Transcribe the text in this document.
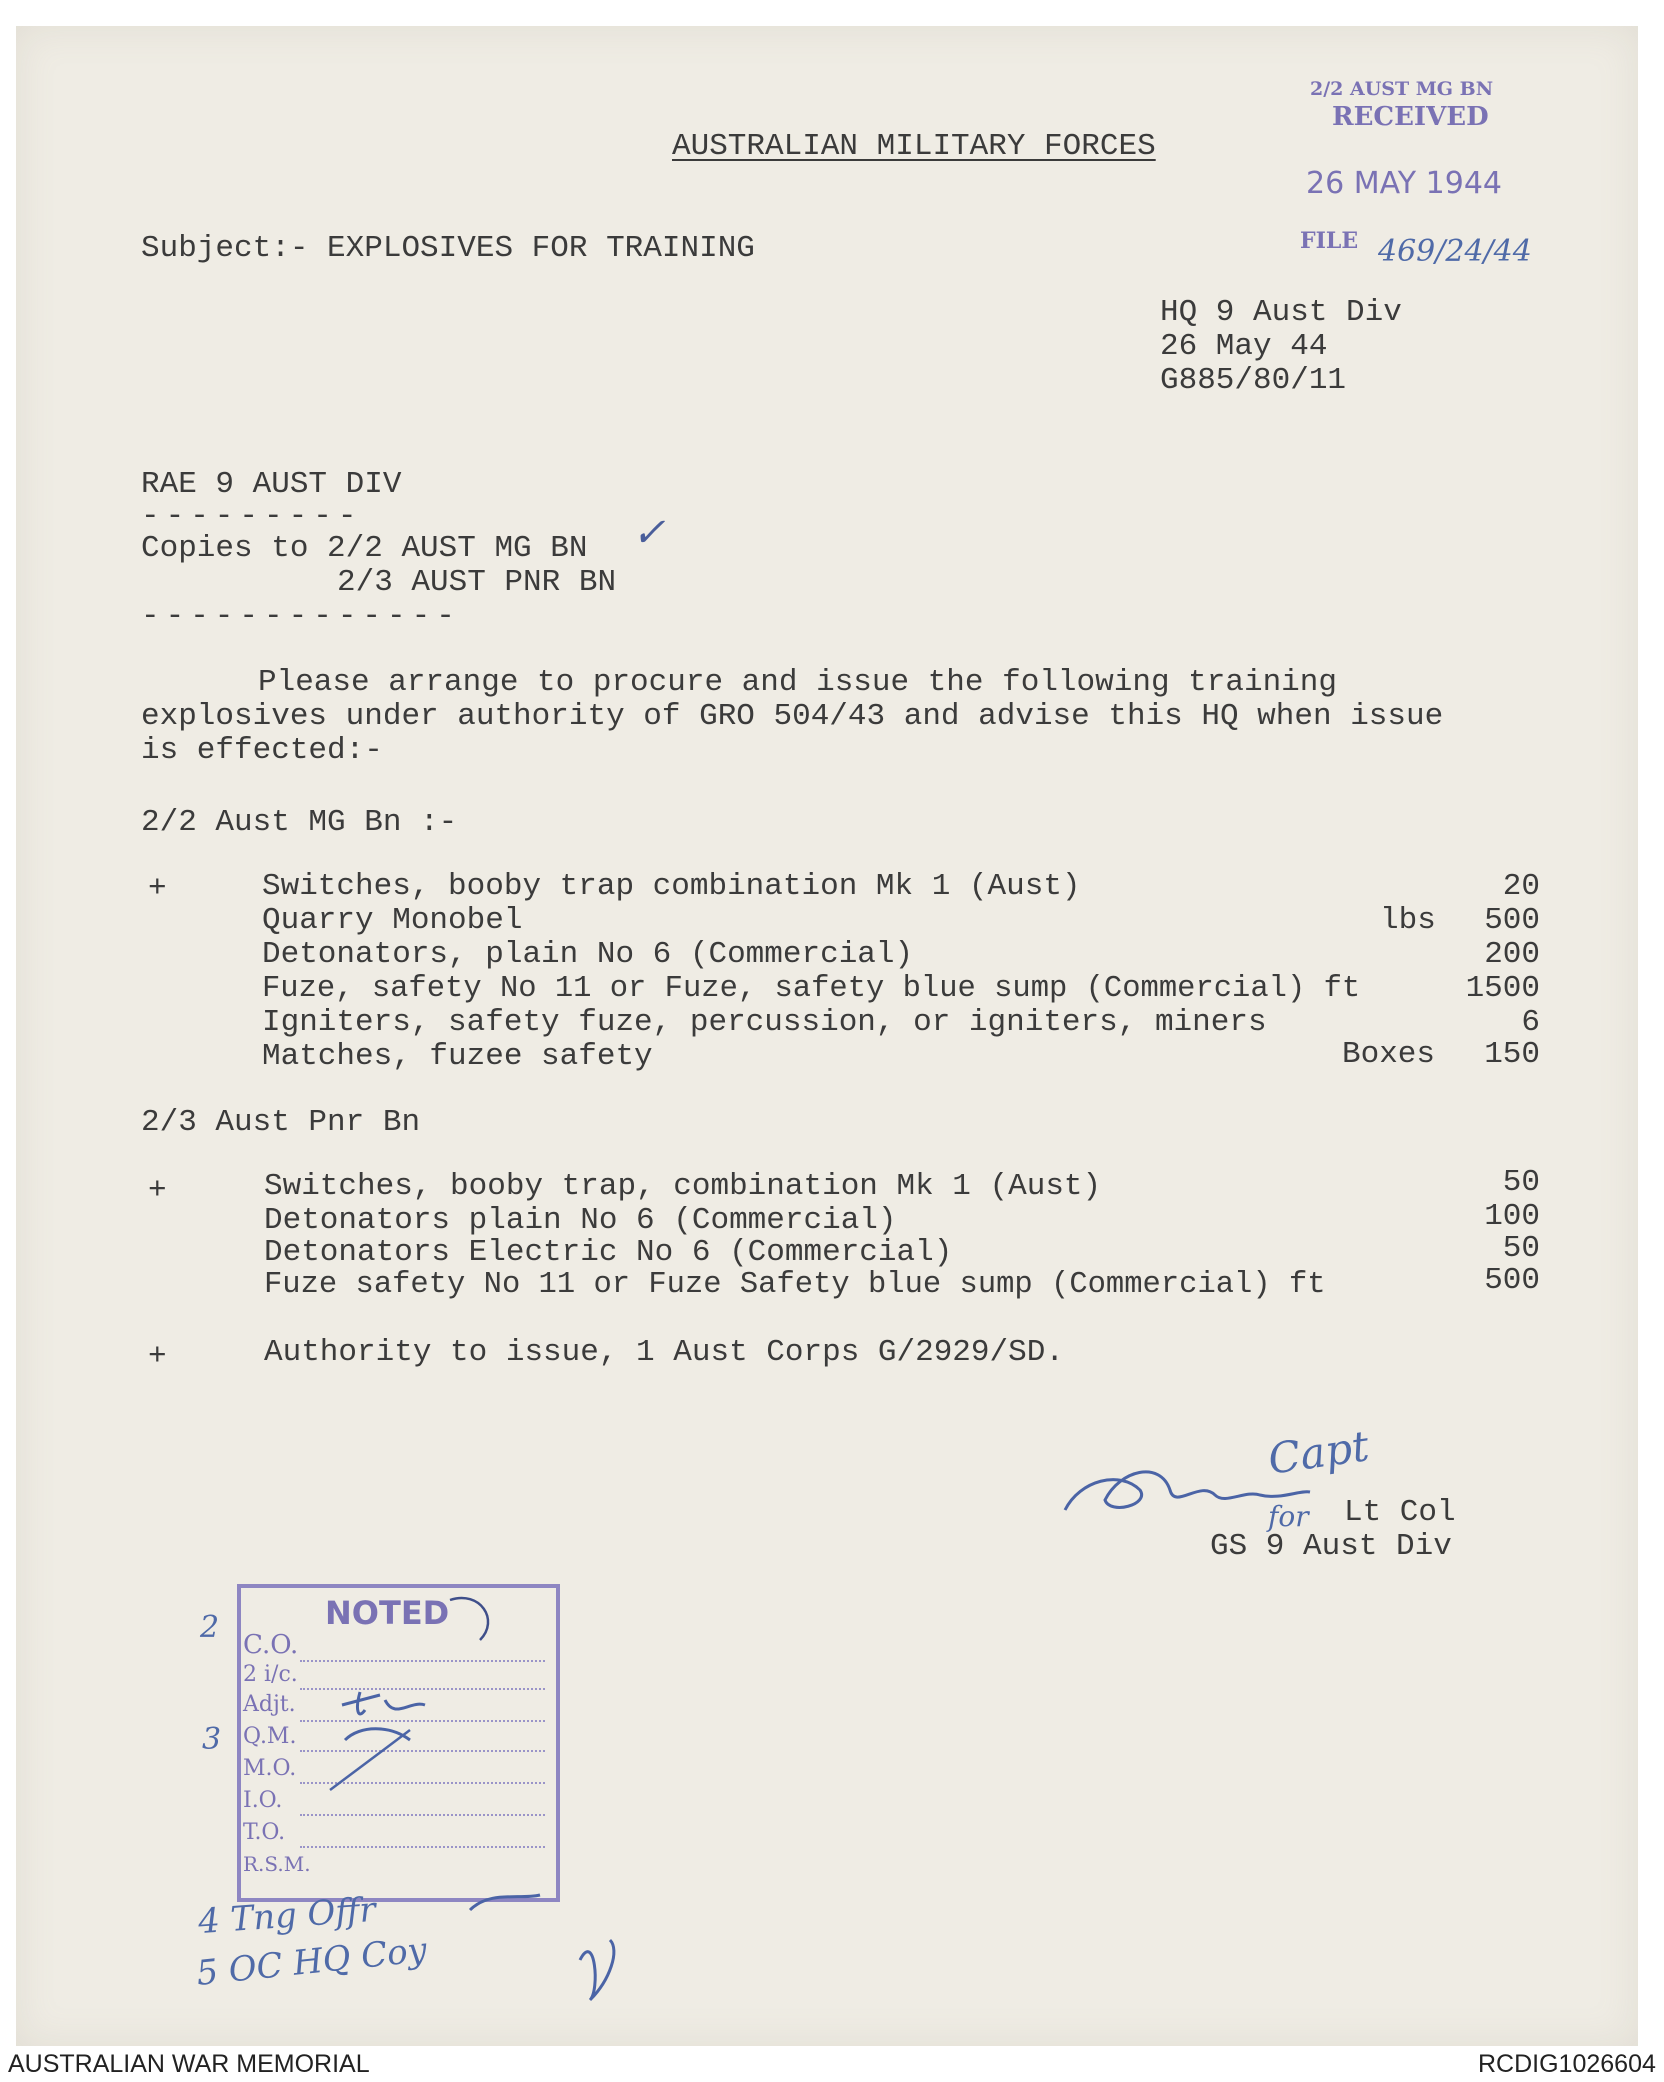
AUSTRALIAN MILITARY FORCES
2/2 AUST MG BN
RECEIVED
26 MAY 1944
FILE 469/24/44
Subject:- EXPLOSIVES FOR TRAINING
HQ 9 Aust Div
26 May 44
G885/80/11
RAE 9 AUST DIV
---------
Copies to 2/2 AUST MG BN ✓
2/3 AUST PNR BN
-------------
Please arrange to procure and issue the following training
explosives under authority of GRO 504/43 and advise this HQ when issue
is effected:-
2/2 Aust MG Bn :-
+	Switches, booby trap combination Mk 1 (Aust)	20
Quarry Monobel	lbs	500
Detonators, plain No 6 (Commercial)	200
Fuze, safety No 11 or Fuze, safety blue sump (Commercial) ft	1500
Igniters, safety fuze, percussion, or igniters, miners	6
Matches, fuzee safety	Boxes	150
2/3 Aust Pnr Bn
+	Switches, booby trap, combination Mk 1 (Aust)	50
Detonators plain No 6 (Commercial)	100
Detonators Electric No 6 (Commercial)	50
Fuze safety No 11 or Fuze Safety blue sump (Commercial) ft	500
+	Authority to issue, 1 Aust Corps G/2929/SD.
Capt
for Lt Col
GS 9 Aust Div
NOTED
C.O.
2 i/c.
Adjt.
Q.M.
M.O.
I.O.
T.O.
R.S.M.
2
3
4 Tng Offr
5 OC HQ Coy
AUSTRALIAN WAR MEMORIAL	RCDIG1026604
